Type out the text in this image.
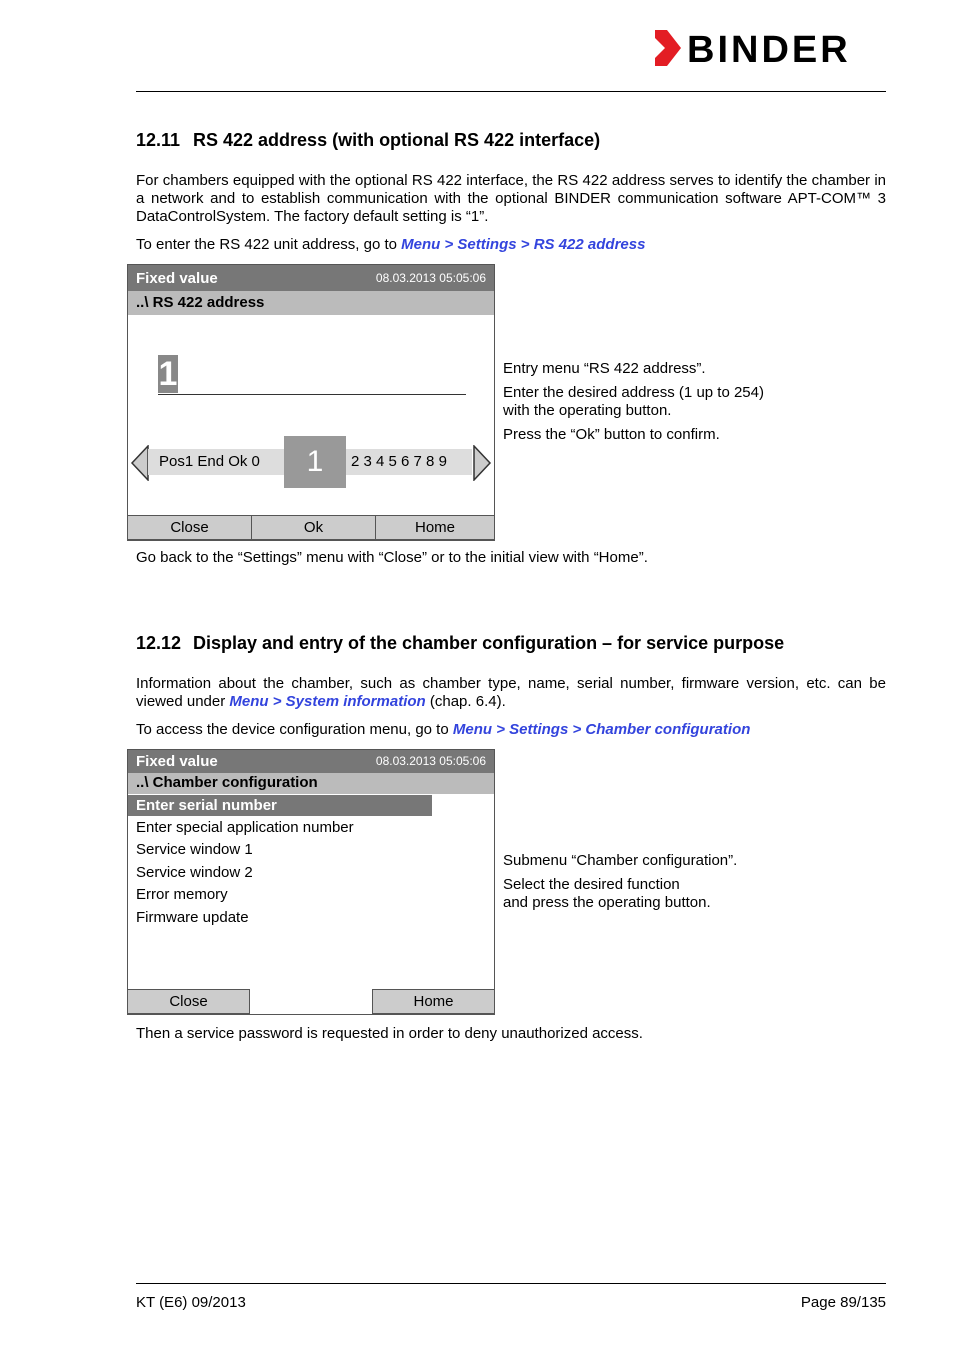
BINDER
12.11 RS 422 address (with optional RS 422 interface)

For chambers equipped with the optional RS 422 interface, the RS 422 address serves to identify the chamber in a network and to establish communication with the optional BINDER communication software APT-COM™ 3 DataControlSystem. The factory default setting is “1”.

To enter the RS 422 unit address, go to Menu > Settings > RS 422 address

Fixed value	08.03.2013 05:05:06
..\ RS 422 address
1
Pos1 End Ok 0	1	2 3 4 5 6 7 8 9
Close	Ok	Home
Entry menu “RS 422 address”.
Enter the desired address (1 up to 254)
with the operating button.
Press the “Ok” button to confirm.

Go back to the “Settings” menu with “Close” or to the initial view with “Home”.

12.12 Display and entry of the chamber configuration – for service purpose

Information about the chamber, such as chamber type, name, serial number, firmware version, etc. can be viewed under Menu > System information (chap. 6.4).

To access the device configuration menu, go to Menu > Settings > Chamber configuration

Fixed value	08.03.2013 05:05:06
..\ Chamber configuration
Enter serial number
Enter special application number
Service window 1
Service window 2
Error memory
Firmware update
Close	Home
Submenu “Chamber configuration”.
Select the desired function
and press the operating button.

Then a service password is requested in order to deny unauthorized access.

KT (E6) 09/2013	Page 89/135
